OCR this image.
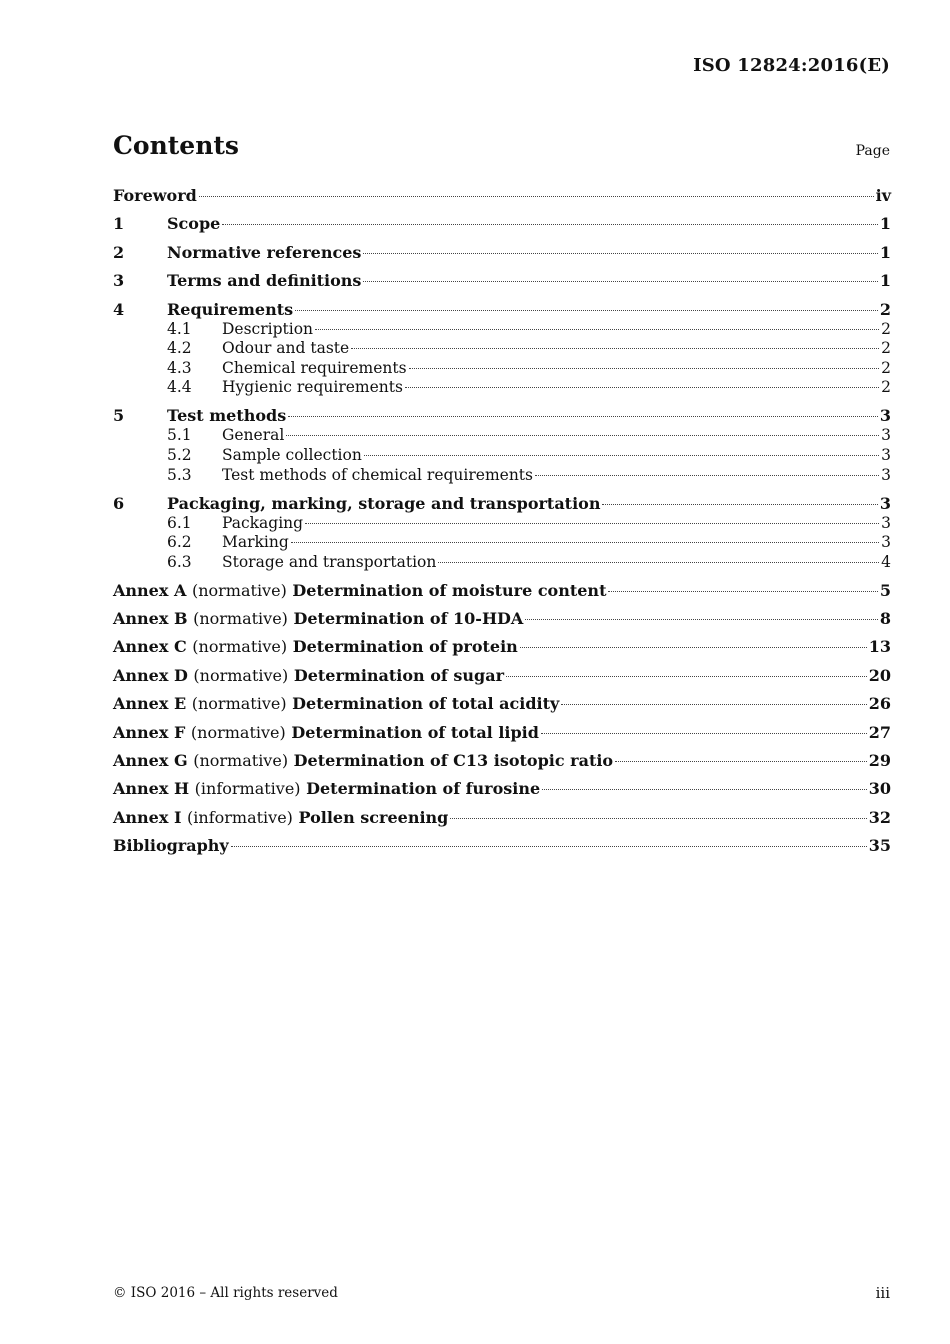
ISO 12824:2016(E)
Contents	Page
Foreword	iv
1	Scope	1
2	Normative references	1
3	Terms and definitions	1
4	Requirements	2
4.1	Description	2
4.2	Odour and taste	2
4.3	Chemical requirements	2
4.4	Hygienic requirements	2
5	Test methods	3
5.1	General	3
5.2	Sample collection	3
5.3	Test methods of chemical requirements	3
6	Packaging, marking, storage and transportation	3
6.1	Packaging	3
6.2	Marking	3
6.3	Storage and transportation	4
Annex A (normative) Determination of moisture content	5
Annex B (normative) Determination of 10-HDA	8
Annex C (normative) Determination of protein	13
Annex D (normative) Determination of sugar	20
Annex E (normative) Determination of total acidity	26
Annex F (normative) Determination of total lipid	27
Annex G (normative) Determination of C13 isotopic ratio	29
Annex H (informative) Determination of furosine	30
Annex I (informative) Pollen screening	32
Bibliography	35
© ISO 2016 – All rights reserved	iii
